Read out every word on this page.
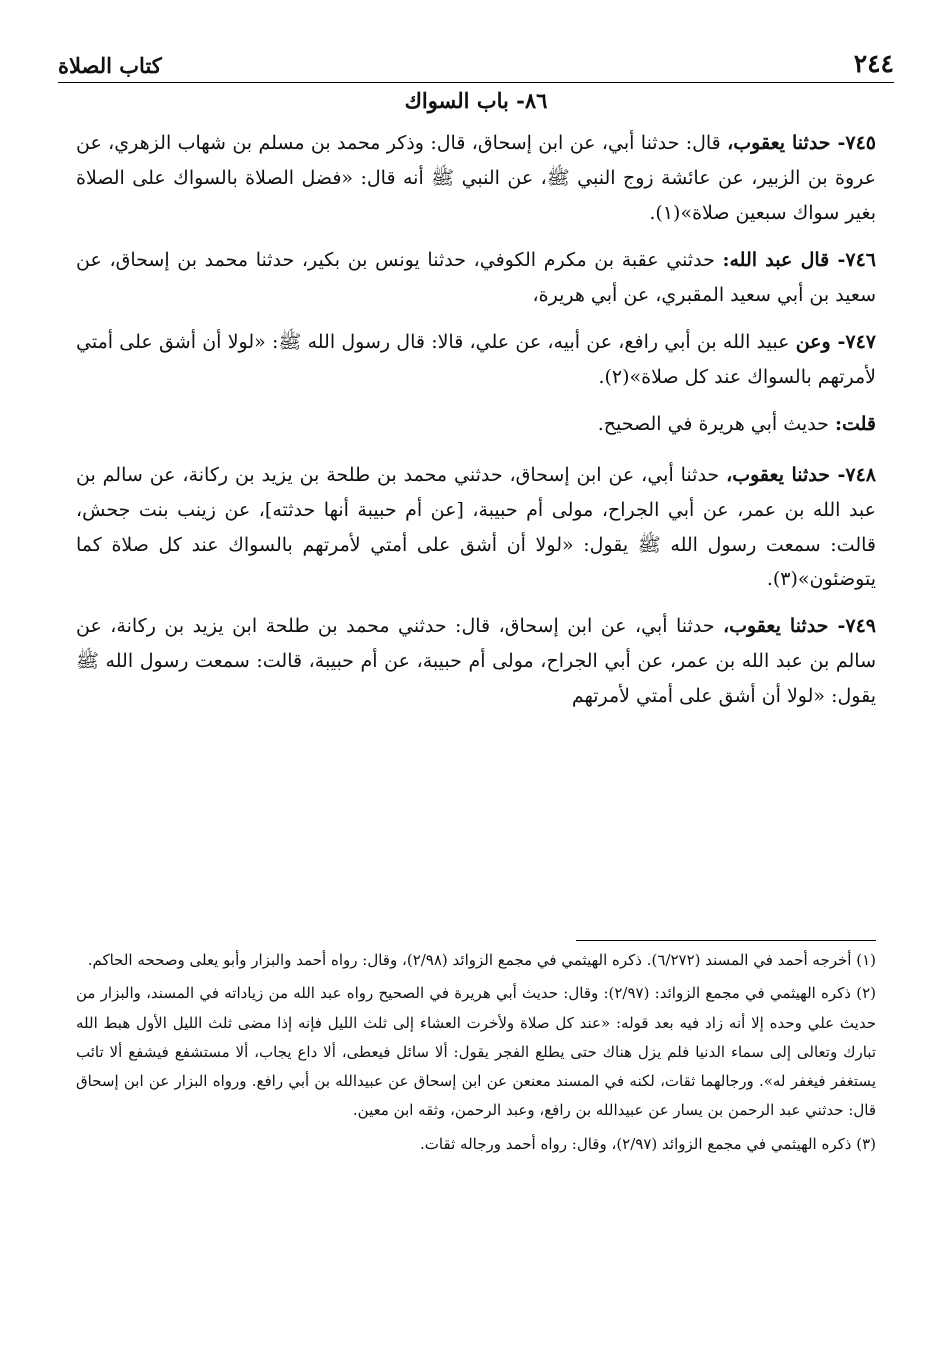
٢٤٤
كتاب الصلاة
٨٦- باب السواك

٧٤٥- حدثنا يعقوب، قال: حدثنا أبي، عن ابن إسحاق، قال: وذكر محمد بن مسلم بن شهاب الزهري، عن عروة بن الزبير، عن عائشة زوج النبي ﷺ، عن النبي ﷺ أنه قال: «فضل الصلاة بالسواك على الصلاة بغير سواك سبعين صلاة»(١).

٧٤٦- قال عبد الله: حدثني عقبة بن مكرم الكوفي، حدثنا يونس بن بكير، حدثنا محمد بن إسحاق، عن سعيد بن أبي سعيد المقبري، عن أبي هريرة،

٧٤٧- وعن عبيد الله بن أبي رافع، عن أبيه، عن علي، قالا: قال رسول الله ﷺ: «لولا أن أشق على أمتي لأمرتهم بالسواك عند كل صلاة»(٢).

قلت: حديث أبي هريرة في الصحيح.

٧٤٨- حدثنا يعقوب، حدثنا أبي، عن ابن إسحاق، حدثني محمد بن طلحة بن يزيد بن ركانة، عن سالم بن عبد الله بن عمر، عن أبي الجراح، مولى أم حبيبة، [عن أم حبيبة أنها حدثته]، عن زينب بنت جحش، قالت: سمعت رسول الله ﷺ يقول: «لولا أن أشق على أمتي لأمرتهم بالسواك عند كل صلاة كما يتوضئون»(٣).

٧٤٩- حدثنا يعقوب، حدثنا أبي، عن ابن إسحاق، قال: حدثني محمد بن طلحة ابن يزيد بن ركانة، عن سالم بن عبد الله بن عمر، عن أبي الجراح، مولى أم حبيبة، عن أم حبيبة، قالت: سمعت رسول الله ﷺ يقول: «لولا أن أشق على أمتي لأمرتهم

(١) أخرجه أحمد في المسند (٦/٢٧٢). ذكره الهيثمي في مجمع الزوائد (٢/٩٨)، وقال: رواه أحمد والبزار وأبو يعلى وصححه الحاكم.

(٢) ذكره الهيثمي في مجمع الزوائد: (٢/٩٧): وقال: حديث أبي هريرة في الصحيح رواه عبد الله من زياداته في المسند، والبزار من حديث علي وحده إلا أنه زاد فيه بعد قوله: «عند كل صلاة ولأخرت العشاء إلى ثلث الليل فإنه إذا مضى ثلث الليل الأول هبط الله تبارك وتعالى إلى سماء الدنيا فلم يزل هناك حتى يطلع الفجر يقول: ألا سائل فيعطى، ألا داع يجاب، ألا مستشفع فيشفع ألا تائب يستغفر فيغفر له». ورجالهما ثقات، لكنه في المسند معنعن عن ابن إسحاق عن عبيدالله بن أبي رافع. ورواه البزار عن ابن إسحاق قال: حدثني عبد الرحمن بن يسار عن عبيدالله بن رافع، وعبد الرحمن، وثقه ابن معين.

(٣) ذكره الهيثمي في مجمع الزوائد (٢/٩٧)، وقال: رواه أحمد ورجاله ثقات.
